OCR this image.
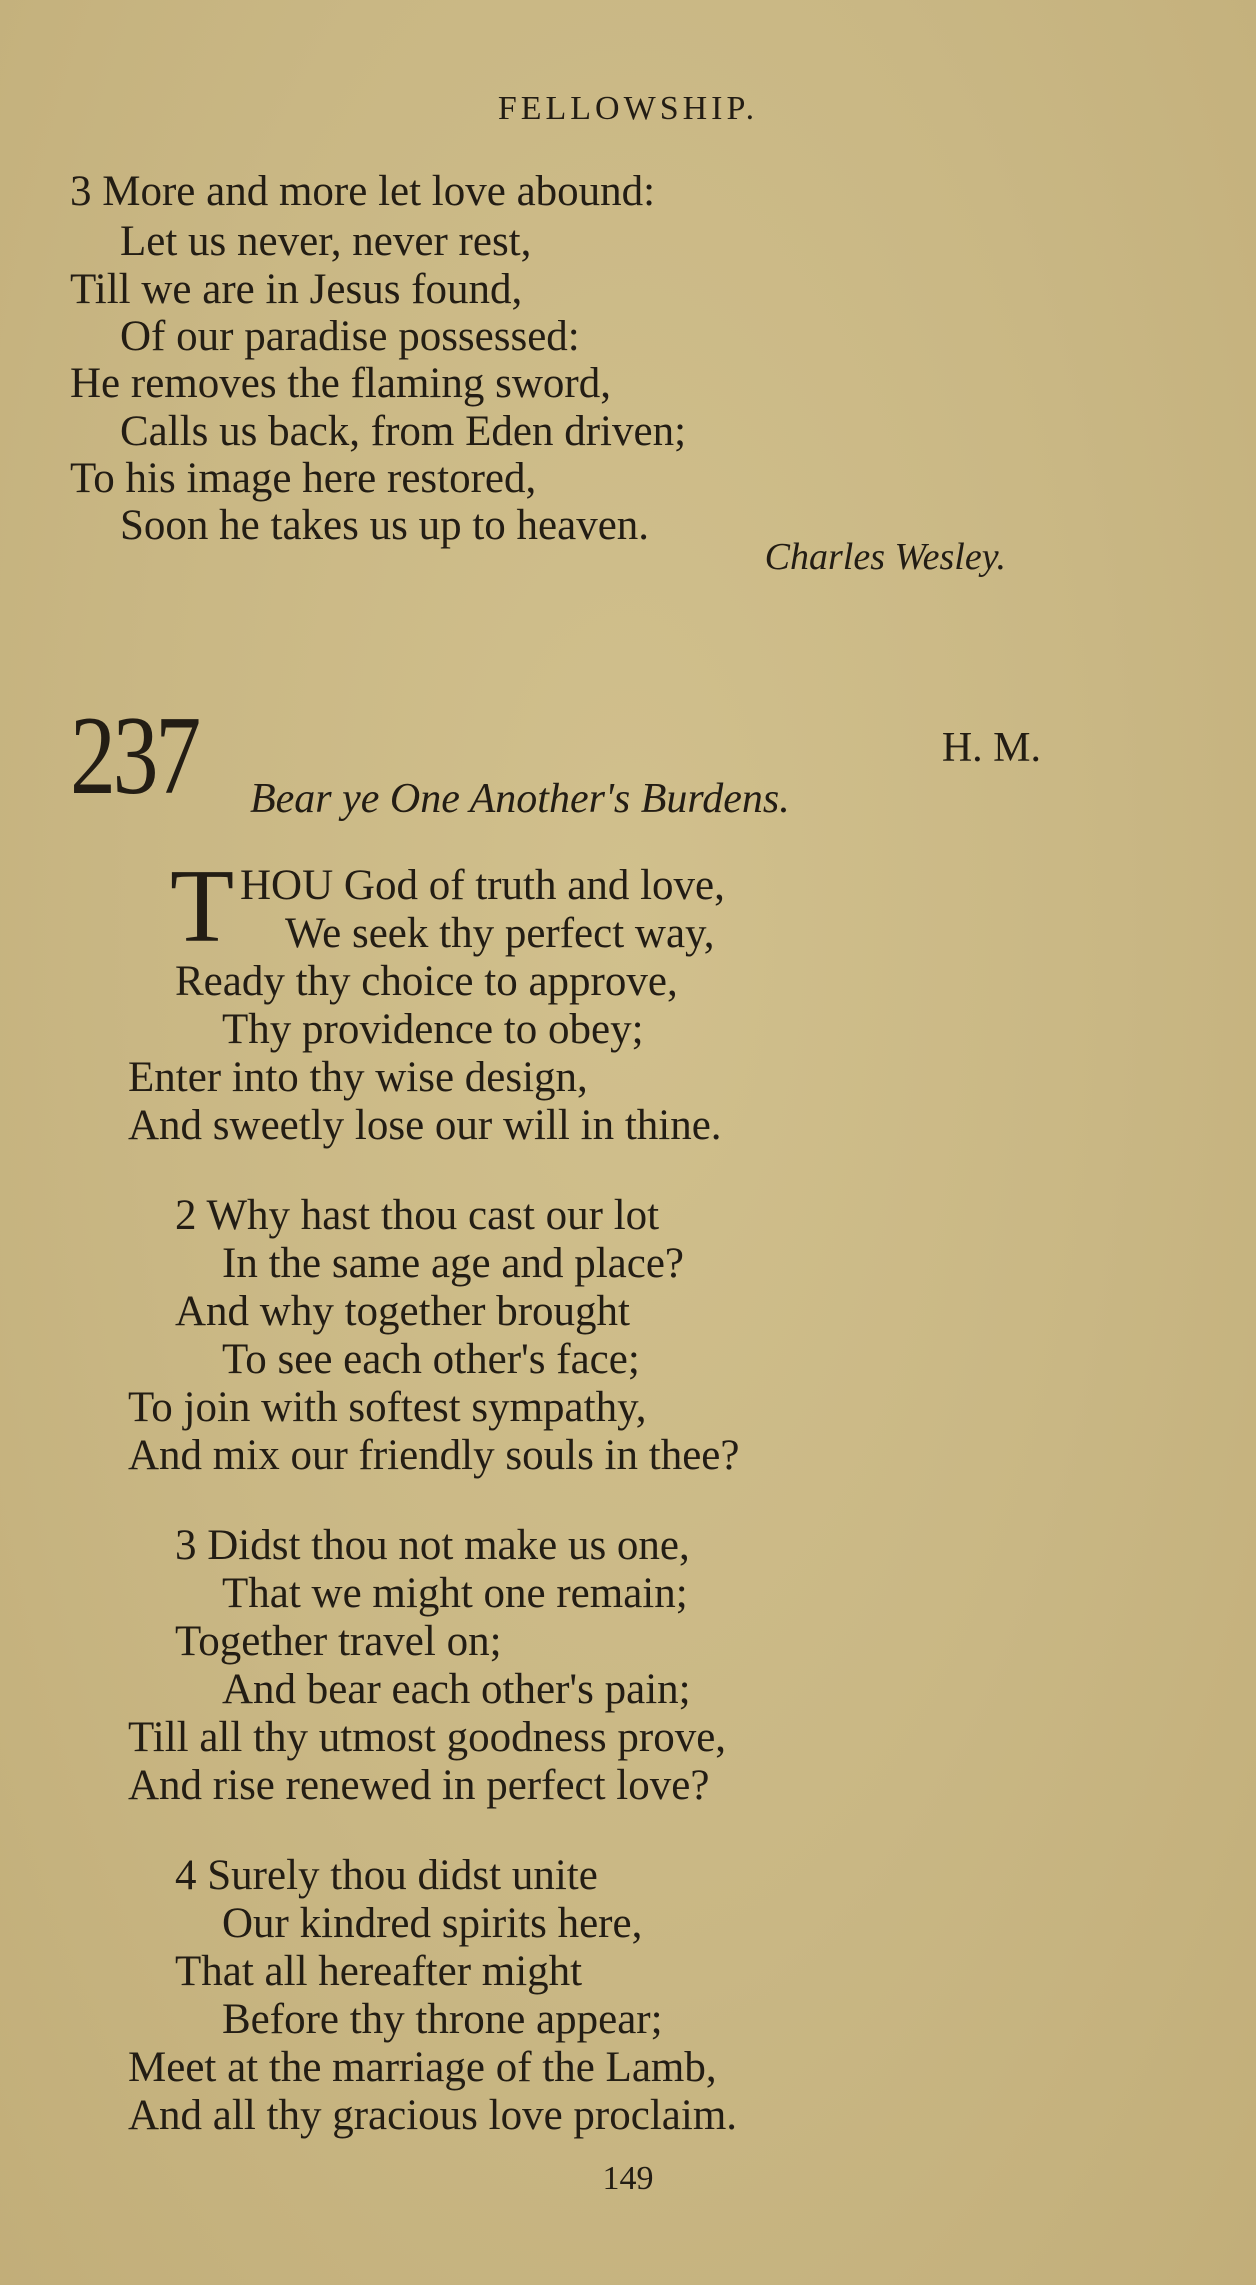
FELLOWSHIP.
3 More and more let love abound:
Let us never, never rest,
Till we are in Jesus found,
Of our paradise possessed:
He removes the flaming sword,
Calls us back, from Eden driven;
To his image here restored,
Soon he takes us up to heaven.
Charles Wesley.
237	H. M.
Bear ye One Another's Burdens.
T HOU God of truth and love,
We seek thy perfect way,
Ready thy choice to approve,
Thy providence to obey;
Enter into thy wise design,
And sweetly lose our will in thine.
2 Why hast thou cast our lot
In the same age and place?
And why together brought
To see each other's face;
To join with softest sympathy,
And mix our friendly souls in thee?
3 Didst thou not make us one,
That we might one remain;
Together travel on;
And bear each other's pain;
Till all thy utmost goodness prove,
And rise renewed in perfect love?
4 Surely thou didst unite
Our kindred spirits here,
That all hereafter might
Before thy throne appear;
Meet at the marriage of the Lamb,
And all thy gracious love proclaim.
149
